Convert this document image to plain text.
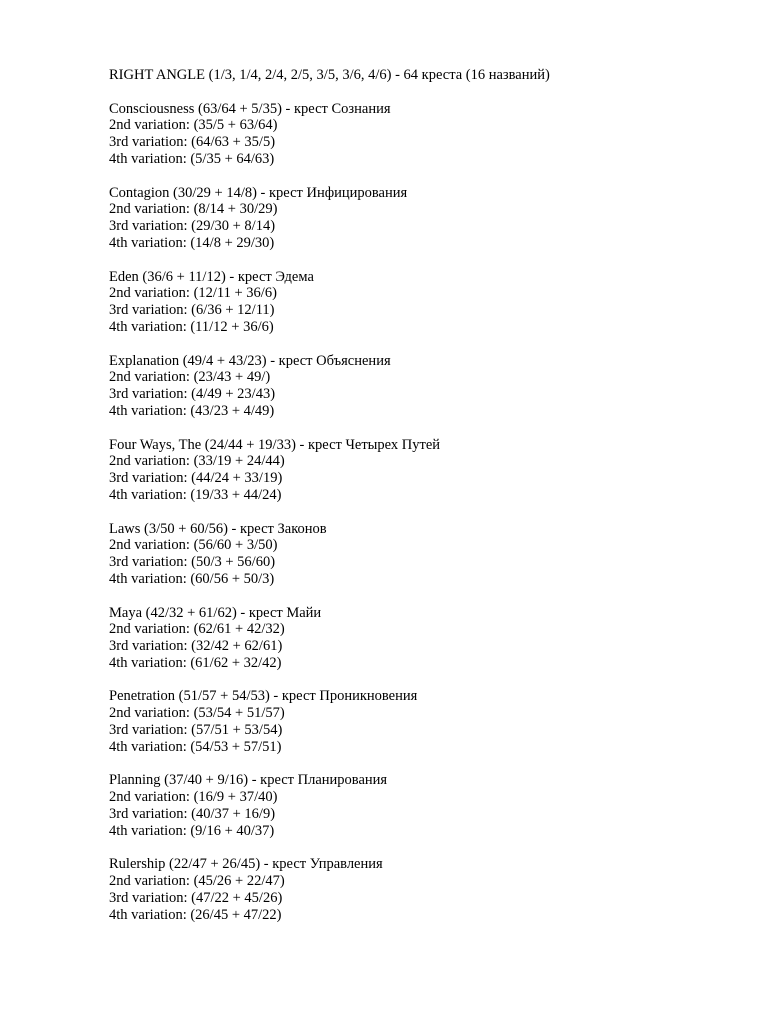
RIGHT ANGLE (1/3, 1/4, 2/4, 2/5, 3/5, 3/6, 4/6) - 64 креста (16 названий)
Consciousness (63/64 + 5/35) - крест Сознания
2nd variation: (35/5 + 63/64)
3rd variation: (64/63 + 35/5)
4th variation: (5/35 + 64/63)
Contagion (30/29 + 14/8) - крест Инфицирования
2nd variation: (8/14 + 30/29)
3rd variation: (29/30 + 8/14)
4th variation: (14/8 + 29/30)
Eden (36/6 + 11/12) - крест Эдема
2nd variation: (12/11 + 36/6)
3rd variation: (6/36 + 12/11)
4th variation: (11/12 + 36/6)
Explanation (49/4 + 43/23) - крест Объяснения
2nd variation: (23/43 + 49/)
3rd variation: (4/49 + 23/43)
4th variation: (43/23 + 4/49)
Four Ways, The (24/44 + 19/33) - крест Четырех Путей
2nd variation: (33/19 + 24/44)
3rd variation: (44/24 + 33/19)
4th variation: (19/33 + 44/24)
Laws (3/50 + 60/56) - крест Законов
2nd variation: (56/60 + 3/50)
3rd variation: (50/3 + 56/60)
4th variation: (60/56 + 50/3)
Maya (42/32 + 61/62) - крест Майи
2nd variation: (62/61 + 42/32)
3rd variation: (32/42 + 62/61)
4th variation: (61/62 + 32/42)
Penetration (51/57 + 54/53) - крест Проникновения
2nd variation: (53/54 + 51/57)
3rd variation: (57/51 + 53/54)
4th variation: (54/53 + 57/51)
Planning (37/40 + 9/16) - крест Планирования
2nd variation: (16/9 + 37/40)
3rd variation: (40/37 + 16/9)
4th variation: (9/16 + 40/37)
Rulership (22/47 + 26/45) - крест Управления
2nd variation: (45/26 + 22/47)
3rd variation: (47/22 + 45/26)
4th variation: (26/45 + 47/22)
